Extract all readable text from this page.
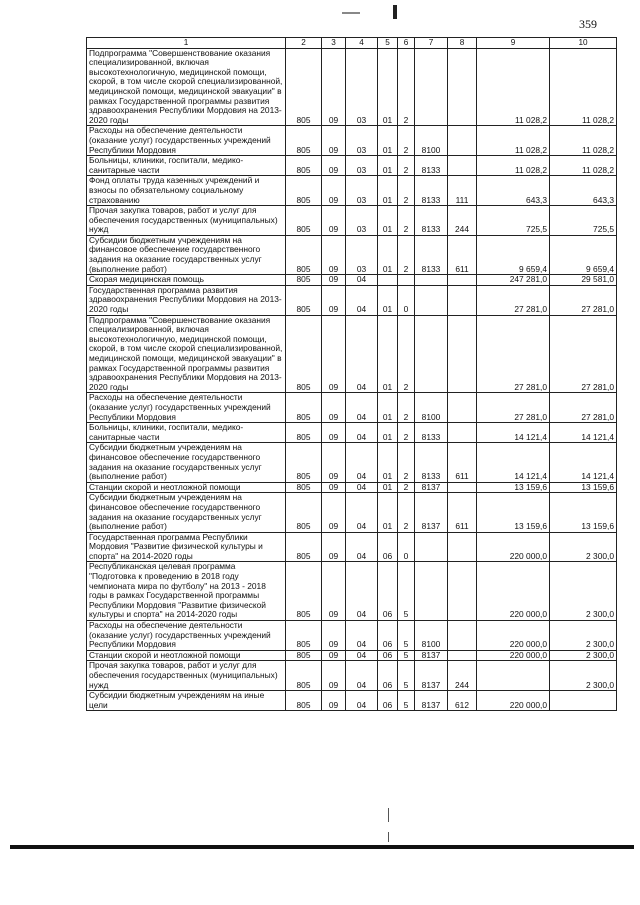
359
1	2	3	4	5	6	7	8	9	10
Подпрограмма "Совершенствование оказания специализированной, включая высокотехнологичную, медицинской помощи, скорой, в том числе скорой специализированной, медицинской помощи, медицинской эвакуации" в рамках Государственной программы развития здравоохранения Республики Мордовия на 2013-2020 годы	805	09	03	01	2			11 028,2	11 028,2
Расходы на обеспечение деятельности (оказание услуг) государственных учреждений Республики Мордовия	805	09	03	01	2	8100		11 028,2	11 028,2
Больницы, клиники, госпитали, медико-санитарные части	805	09	03	01	2	8133		11 028,2	11 028,2
Фонд оплаты труда казенных учреждений и взносы по обязательному социальному страхованию	805	09	03	01	2	8133	111	643,3	643,3
Прочая закупка товаров, работ и услуг для обеспечения государственных (муниципальных) нужд	805	09	03	01	2	8133	244	725,5	725,5
Субсидии бюджетным учреждениям на финансовое обеспечение государственного задания на оказание государственных услуг (выполнение работ)	805	09	03	01	2	8133	611	9 659,4	9 659,4
Скорая медицинская помощь	805	09	04					247 281,0	29 581,0
Государственная программа развития здравоохранения Республики Мордовия на 2013-2020 годы	805	09	04	01	0			27 281,0	27 281,0
Подпрограмма "Совершенствование оказания специализированной, включая высокотехнологичную, медицинской помощи, скорой, в том числе скорой специализированной, медицинской помощи, медицинской эвакуации" в рамках Государственной программы развития здравоохранения Республики Мордовия на 2013-2020 годы	805	09	04	01	2			27 281,0	27 281,0
Расходы на обеспечение деятельности (оказание услуг) государственных учреждений Республики Мордовия	805	09	04	01	2	8100		27 281,0	27 281,0
Больницы, клиники, госпитали, медико-санитарные части	805	09	04	01	2	8133		14 121,4	14 121,4
Субсидии бюджетным учреждениям на финансовое обеспечение государственного задания на оказание государственных услуг (выполнение работ)	805	09	04	01	2	8133	611	14 121,4	14 121,4
Станции скорой и неотложной помощи	805	09	04	01	2	8137		13 159,6	13 159,6
Субсидии бюджетным учреждениям на финансовое обеспечение государственного задания на оказание государственных услуг (выполнение работ)	805	09	04	01	2	8137	611	13 159,6	13 159,6
Государственная программа Республики Мордовия "Развитие физической культуры и спорта" на 2014-2020 годы	805	09	04	06	0			220 000,0	2 300,0
Республиканская целевая программа "Подготовка к проведению в 2018 году чемпионата мира по футболу" на 2013 - 2018 годы в рамках Государственной программы Республики Мордовия "Развитие физической культуры и спорта" на 2014-2020 годы	805	09	04	06	5			220 000,0	2 300,0
Расходы на обеспечение деятельности (оказание услуг) государственных учреждений Республики Мордовия	805	09	04	06	5	8100		220 000,0	2 300,0
Станции скорой и неотложной помощи	805	09	04	06	5	8137		220 000,0	2 300,0
Прочая закупка товаров, работ и услуг для обеспечения государственных (муниципальных) нужд	805	09	04	06	5	8137	244		2 300,0
Субсидии бюджетным учреждениям на иные цели	805	09	04	06	5	8137	612	220 000,0	
